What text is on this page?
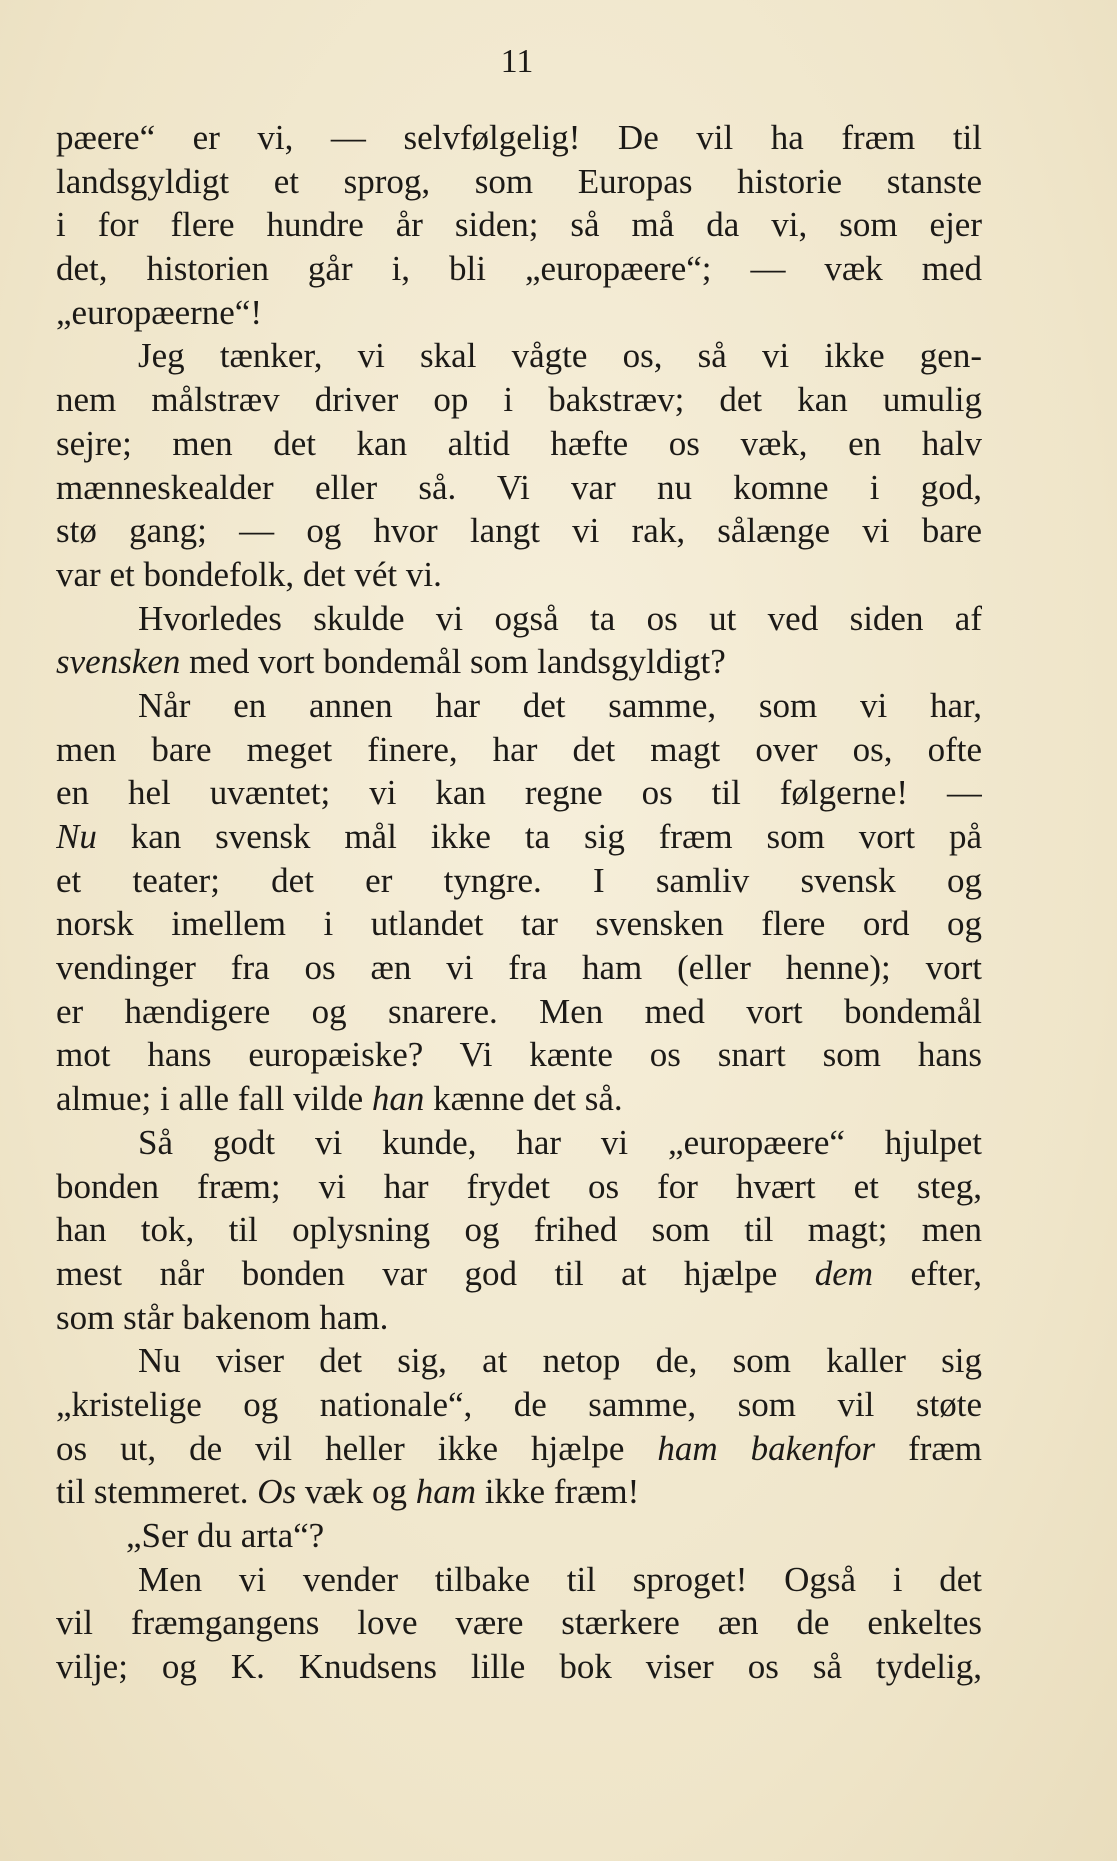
11
pæere“ er vi, — selvfølgelig! De vil ha fræm til
landsgyldigt et sprog, som Europas historie stanste
i for flere hundre år siden; så må da vi, som ejer
det, historien går i, bli „europæere“; — væk med
„europæerne“!
Jeg tænker, vi skal vågte os, så vi ikke gen-
nem målstræv driver op i bakstræv; det kan umulig
sejre; men det kan altid hæfte os væk, en halv
mænneskealder eller så. Vi var nu komne i god,
stø gang; — og hvor langt vi rak, sålænge vi bare
var et bondefolk, det vét vi.
Hvorledes skulde vi også ta os ut ved siden af
svensken med vort bondemål som landsgyldigt?
Når en annen har det samme, som vi har,
men bare meget finere, har det magt over os, ofte
en hel uvæntet; vi kan regne os til følgerne! —
Nu kan svensk mål ikke ta sig fræm som vort på
et teater; det er tyngre. I samliv svensk og
norsk imellem i utlandet tar svensken flere ord og
vendinger fra os æn vi fra ham (eller henne); vort
er hændigere og snarere. Men med vort bondemål
mot hans europæiske? Vi kænte os snart som hans
almue; i alle fall vilde han kænne det så.
Så godt vi kunde, har vi „europæere“ hjulpet
bonden fræm; vi har frydet os for hvært et steg,
han tok, til oplysning og frihed som til magt; men
mest når bonden var god til at hjælpe dem efter,
som står bakenom ham.
Nu viser det sig, at netop de, som kaller sig
„kristelige og nationale“, de samme, som vil støte
os ut, de vil heller ikke hjælpe ham bakenfor fræm
til stemmeret. Os væk og ham ikke fræm!
„Ser du arta“?
Men vi vender tilbake til sproget! Også i det
vil fræmgangens love være stærkere æn de enkeltes
vilje; og K. Knudsens lille bok viser os så tydelig,
